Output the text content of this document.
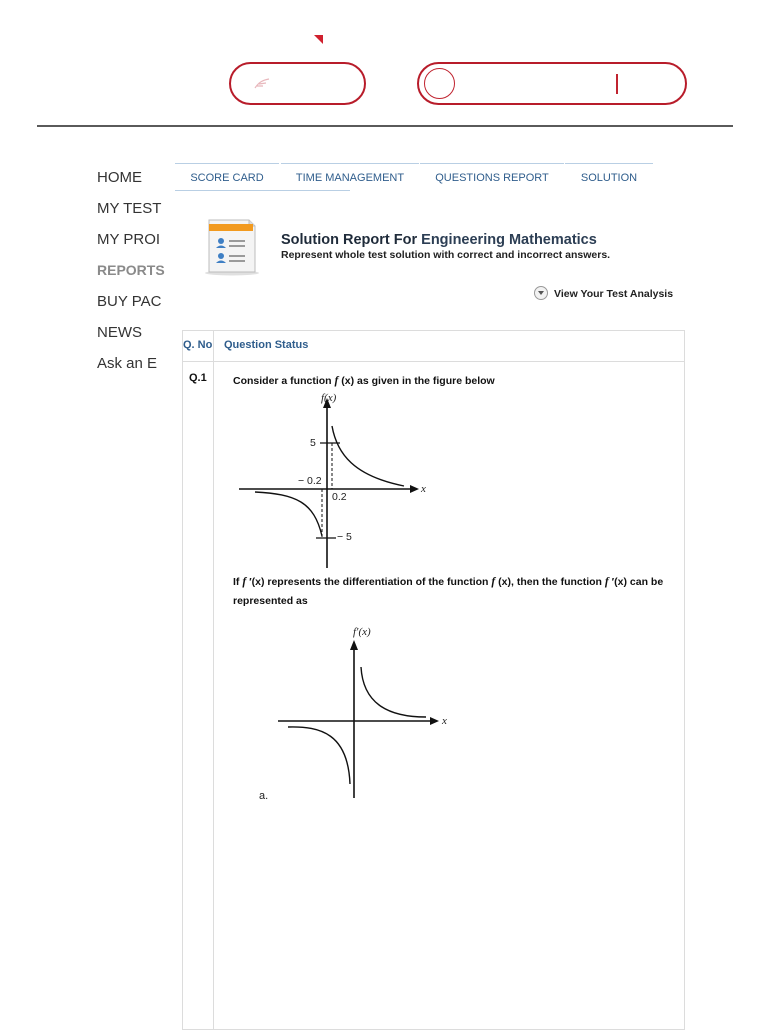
HOME
MY TEST
MY PROI
REPORTS
BUY PAC
NEWS
Ask an E
SCORE CARD	TIME MANAGEMENT	QUESTIONS REPORT	SOLUTION
Solution Report For Engineering Mathematics
Represent whole test solution with correct and incorrect answers.
View Your Test Analysis
Q. No Question Status
Q.1	Consider a function f (x) as given in the figure below
f(x)
x
5
− 5
− 0.2
0.2
If f ′(x) represents the differentiation of the function f (x), then the function f ′(x) can be represented as
f′(x)
x
a.
